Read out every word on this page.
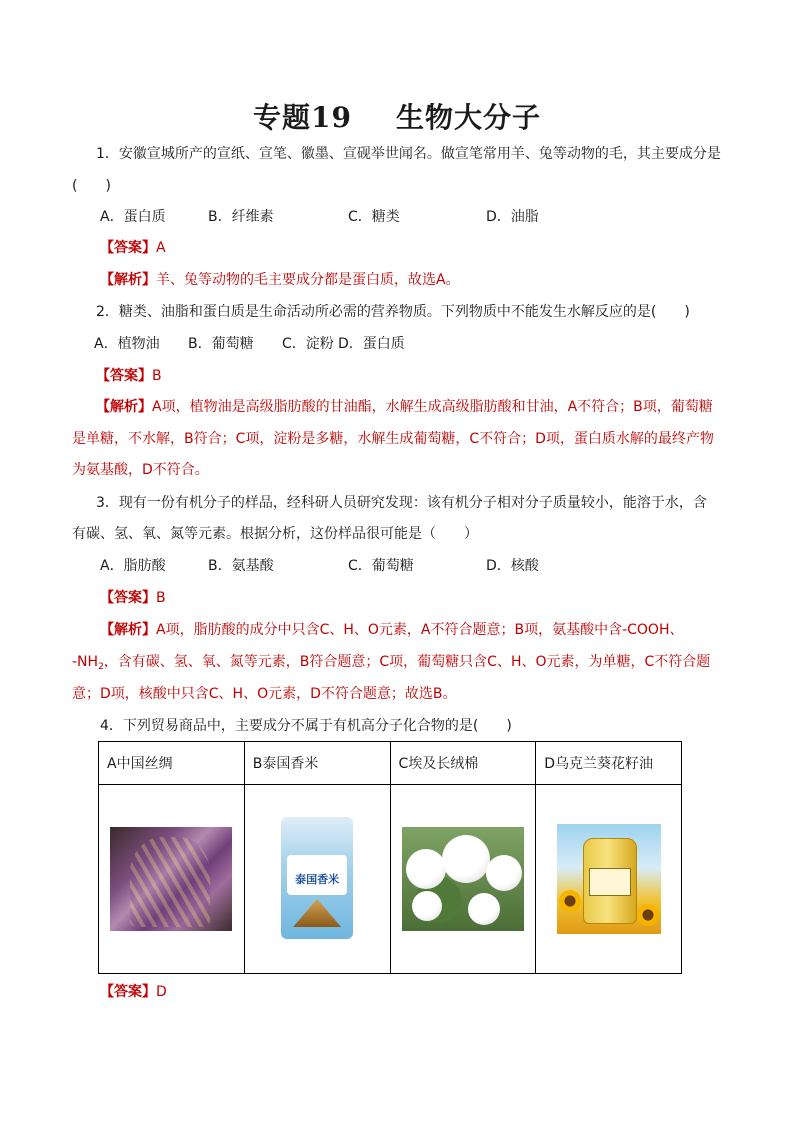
专题19 生物大分子
1．安徽宣城所产的宣纸、宣笔、徽墨、宣砚举世闻名。做宣笔常用羊、兔等动物的毛，其主要成分是
(　　)
A．蛋白质	B．纤维素	C．糖类	D．油脂
【答案】A
【解析】羊、兔等动物的毛主要成分都是蛋白质，故选A。
2．糖类、油脂和蛋白质是生命活动所必需的营养物质。下列物质中不能发生水解反应的是(　　)
A．植物油 B．葡萄糖 C．淀粉 D．蛋白质
【答案】B
【解析】A项，植物油是高级脂肪酸的甘油酯，水解生成高级脂肪酸和甘油，A不符合；B项，葡萄糖
是单糖，不水解，B符合；C项，淀粉是多糖，水解生成葡萄糖，C不符合；D项，蛋白质水解的最终产物
为氨基酸，D不符合。
3．现有一份有机分子的样品，经科研人员研究发现：该有机分子相对分子质量较小，能溶于水，含
有碳、氢、氧、氮等元素。根据分析，这份样品很可能是（　　）
A．脂肪酸	B．氨基酸	C．葡萄糖	D．核酸
【答案】B
【解析】A项，脂肪酸的成分中只含C、H、O元素，A不符合题意；B项，氨基酸中含-COOH、
$-NH_2$，含有碳、氢、氧、氮等元素，B符合题意；C项，葡萄糖只含C、H、O元素，为单糖，C不符合题
意；D项，核酸中只含C、H、O元素，D不符合题意；故选B。
4．下列贸易商品中，主要成分不属于有机高分子化合物的是(　　)
A中国丝绸	B泰国香米	C埃及长绒棉	D乌克兰葵花籽油

	泰国香米		

【答案】D
